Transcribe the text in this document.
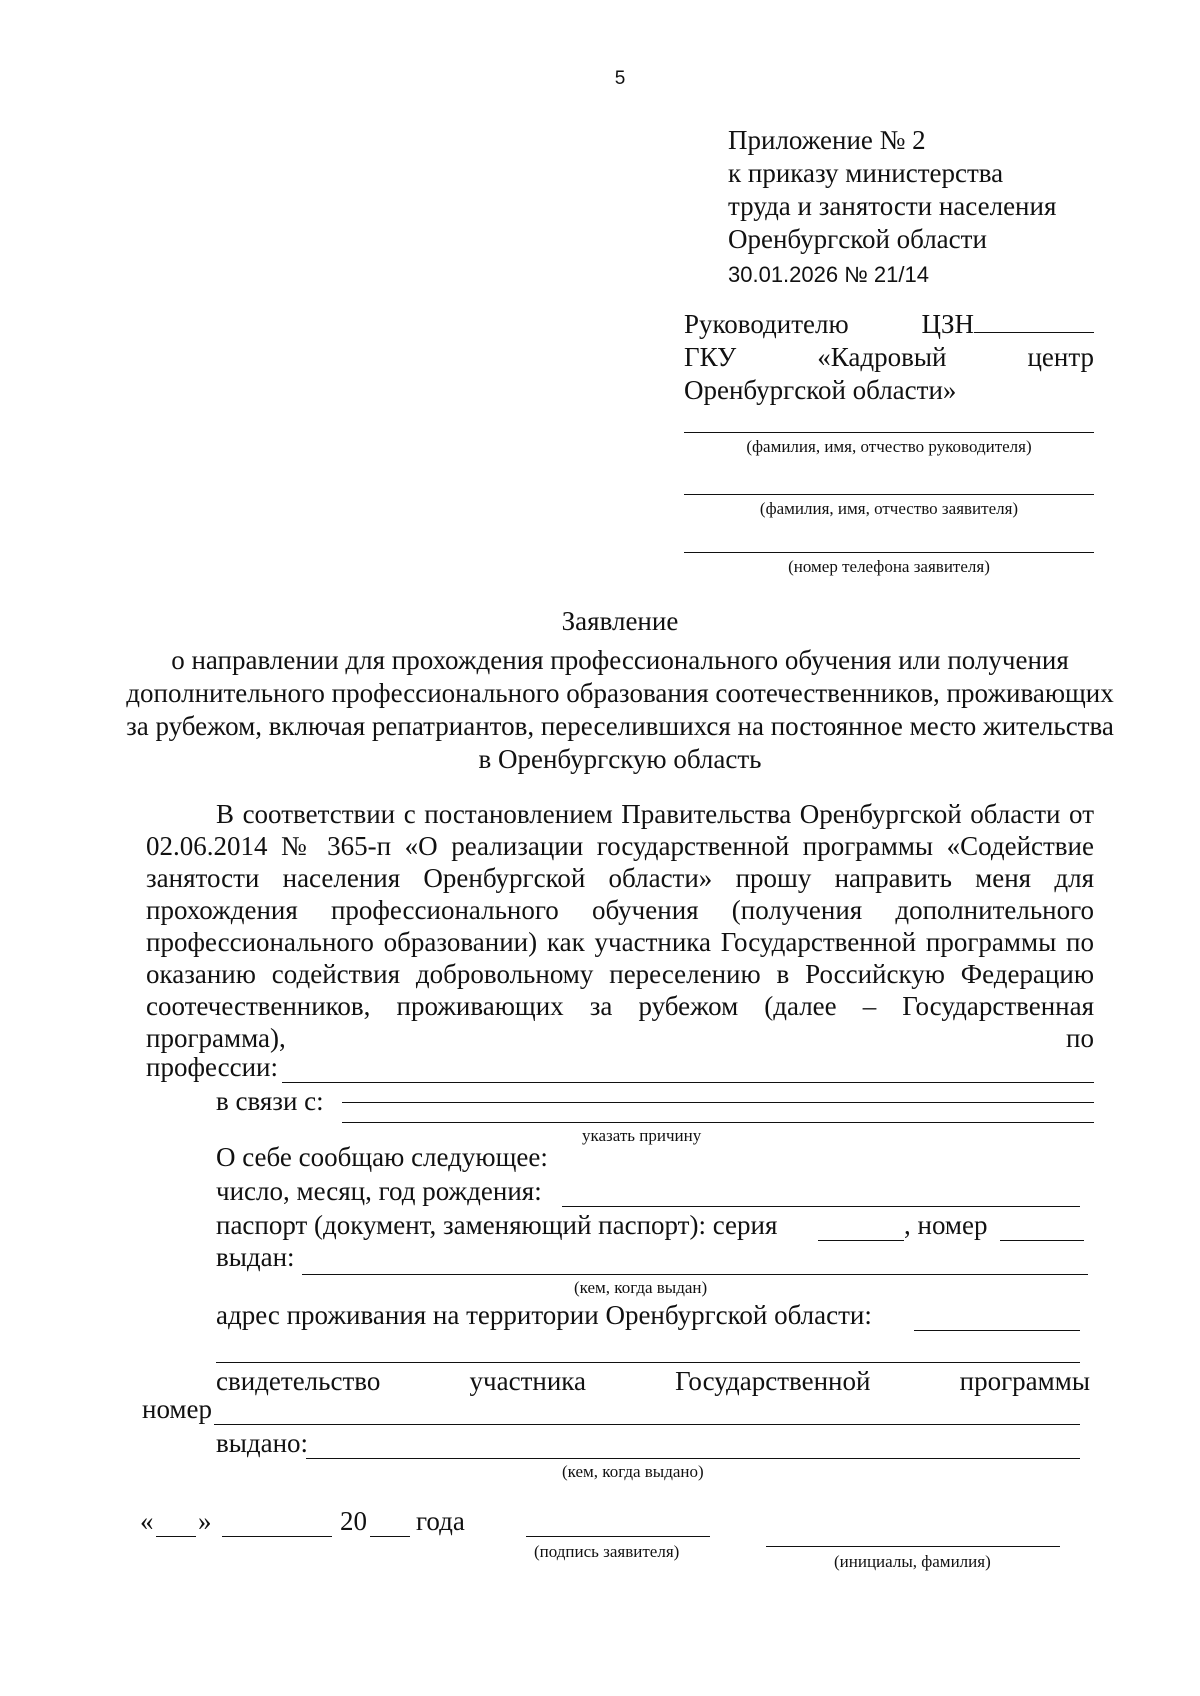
5
Приложение № 2
к приказу министерства
труда и занятости населения
Оренбургской области
30.01.2026 № 21/14
Руководителю	ЦЗН
ГКУ	«Кадровый	центр
Оренбургской области»
(фамилия, имя, отчество руководителя)
(фамилия, имя, отчество заявителя)
(номер телефона заявителя)
Заявление
о направлении для прохождения профессионального обучения или получения дополнительного профессионального образования соотечественников, проживающих за рубежом, включая репатриантов, переселившихся на постоянное место жительства в Оренбургскую область
В соответствии с постановлением Правительства Оренбургской области от 02.06.2014 № 365-п «О реализации государственной программы «Содействие занятости населения Оренбургской области» прошу направить меня для прохождения профессионального обучения (получения дополнительного профессионального образовании) как участника Государственной программы по оказанию содействия добровольному переселению в Российскую Федерацию соотечественников, проживающих за рубежом (далее – Государственная программа), по
профессии:
в связи с:
указать причину
О себе сообщаю следующее:
число, месяц, год рождения:
паспорт (документ, заменяющий паспорт): серия	, номер
выдан:
(кем, когда выдан)
адрес проживания на территории Оренбургской области:
свидетельство	участника	Государственной	программы
номер
выдано:
(кем, когда выдано)
« »	20 года
(подпись заявителя)
(инициалы, фамилия)
